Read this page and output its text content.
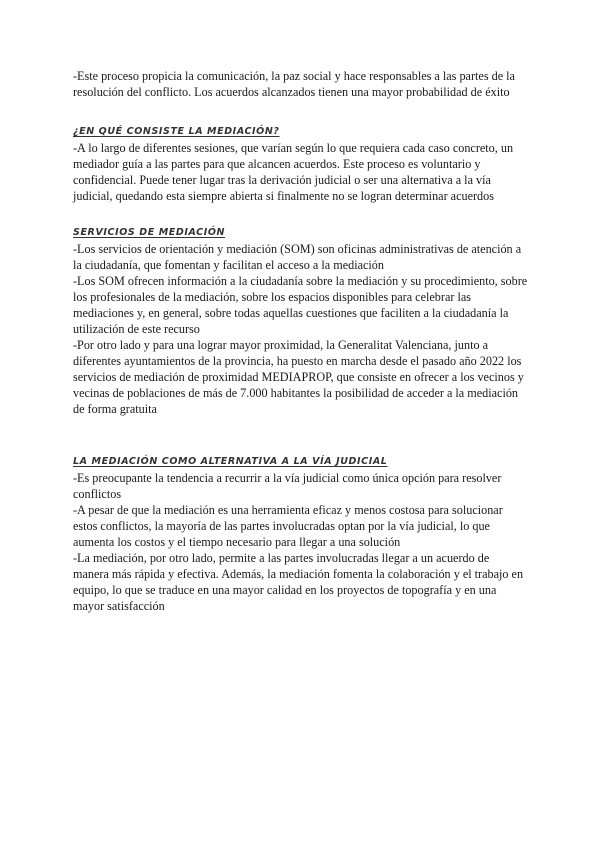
-Este proceso propicia la comunicación, la paz social y hace responsables a las partes de la resolución del conflicto. Los acuerdos alcanzados tienen una mayor probabilidad de éxito

¿EN QUÉ CONSISTE LA MEDIACIÓN?

-A lo largo de diferentes sesiones, que varían según lo que requiera cada caso concreto, un mediador guía a las partes para que alcancen acuerdos. Este proceso es voluntario y confidencial. Puede tener lugar tras la derivación judicial o ser una alternativa a la vía judicial, quedando esta siempre abierta si finalmente no se logran determinar acuerdos

SERVICIOS DE MEDIACIÓN

-Los servicios de orientación y mediación (SOM) son oficinas administrativas de atención a la ciudadanía, que fomentan y facilitan el acceso a la mediación

-Los SOM ofrecen información a la ciudadanía sobre la mediación y su procedimiento, sobre los profesionales de la mediación, sobre los espacios disponibles para celebrar las mediaciones y, en general, sobre todas aquellas cuestiones que faciliten a la ciudadanía la utilización de este recurso

-Por otro lado y para una lograr mayor proximidad, la Generalitat Valenciana, junto a diferentes ayuntamientos de la provincia, ha puesto en marcha desde el pasado año 2022 los servicios de mediación de proximidad MEDIAPROP, que consiste en ofrecer a los vecinos y vecinas de poblaciones de más de 7.000 habitantes la posibilidad de acceder a la mediación de forma gratuita

LA MEDIACIÓN COMO ALTERNATIVA A LA VÍA JUDICIAL

-Es preocupante la tendencia a recurrir a la vía judicial como única opción para resolver conflictos

-A pesar de que la mediación es una herramienta eficaz y menos costosa para solucionar estos conflictos, la mayoría de las partes involucradas optan por la vía judicial, lo que aumenta los costos y el tiempo necesario para llegar a una solución

-La mediación, por otro lado, permite a las partes involucradas llegar a un acuerdo de manera más rápida y efectiva. Además, la mediación fomenta la colaboración y el trabajo en equipo, lo que se traduce en una mayor calidad en los proyectos de topografía y en una mayor satisfacción
